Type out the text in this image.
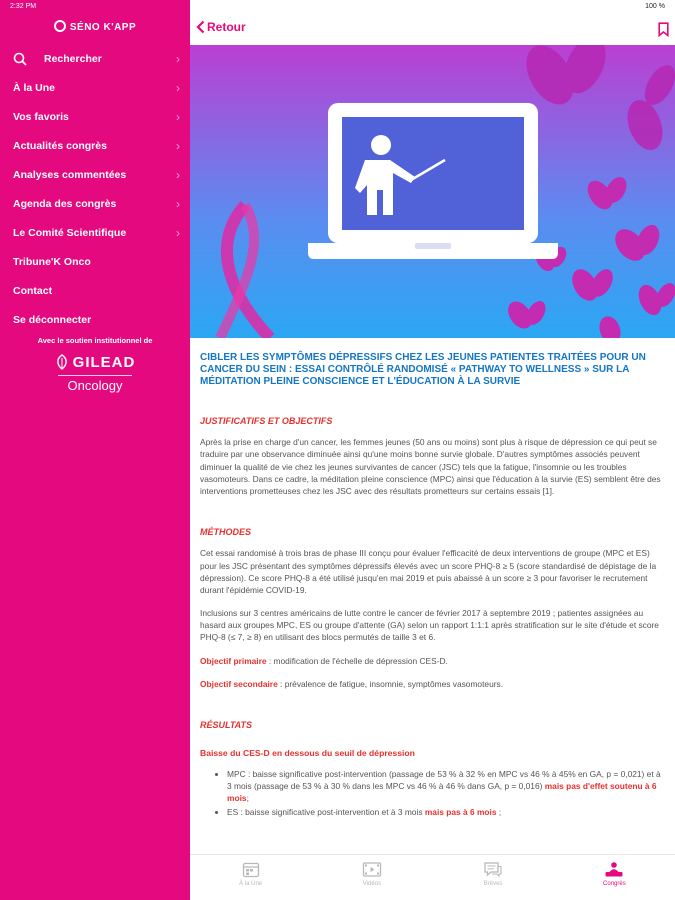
2:32 PM	100 %
SÉNO K'APP
Rechercher	›
À la Une	›
Vos favoris	›
Actualités congrès	›
Analyses commentées	›
Agenda des congrès	›
Le Comité Scientifique	›
Tribune'K Onco
Contact
Se déconnecter
Avec le soutien institutionnel de
GILEAD
Oncology
Retour
CIBLER LES SYMPTÔMES DÉPRESSIFS CHEZ LES JEUNES PATIENTES TRAITÉES POUR UN CANCER DU SEIN : ESSAI CONTRÔLÉ RANDOMISÉ « PATHWAY TO WELLNESS » SUR LA MÉDITATION PLEINE CONSCIENCE ET L'ÉDUCATION À LA SURVIE
JUSTIFICATIFS ET OBJECTIFS
Après la prise en charge d'un cancer, les femmes jeunes (50 ans ou moins) sont plus à risque de dépression ce qui peut se traduire par une observance diminuée ainsi qu'une moins bonne survie globale. D'autres symptômes associés peuvent diminuer la qualité de vie chez les jeunes survivantes de cancer (JSC) tels que la fatigue, l'insomnie ou les troubles vasomoteurs. Dans ce cadre, la méditation pleine conscience (MPC) ainsi que l'éducation à la survie (ES) semblent être des interventions prometteuses chez les JSC avec des résultats prometteurs sur certains essais [1].
MÉTHODES
Cet essai randomisé à trois bras de phase III conçu pour évaluer l'efficacité de deux interventions de groupe (MPC et ES) pour les JSC présentant des symptômes dépressifs élevés avec un score PHQ-8 ≥ 5 (score standardisé de dépistage de la dépression). Ce score PHQ-8 a été utilisé jusqu'en mai 2019 et puis abaissé à un score ≥ 3 pour favoriser le recrutement durant l'épidémie COVID-19.
Inclusions sur 3 centres américains de lutte contre le cancer de février 2017 à septembre 2019 ; patientes assignées au hasard aux groupes MPC, ES ou groupe d'attente (GA) selon un rapport 1:1:1 après stratification sur le site d'étude et score PHQ-8 (≤ 7, ≥ 8) en utilisant des blocs permutés de taille 3 et 6.
Objectif primaire : modification de l'échelle de dépression CES-D.
Objectif secondaire : prévalence de fatigue, insomnie, symptômes vasomoteurs.
RÉSULTATS
Baisse du CES-D en dessous du seuil de dépression
• MPC : baisse significative post-intervention (passage de 53 % à 32 % en MPC vs 46 % à 45% en GA, p = 0,021) et à 3 mois (passage de 53 % à 30 % dans les MPC vs 46 % à 46 % dans GA, p = 0,016) mais pas d'effet soutenu à 6 mois;
• ES : baisse significative post-intervention et à 3 mois mais pas à 6 mois ;
À la Une	Vidéos	Brèves	Congrès
